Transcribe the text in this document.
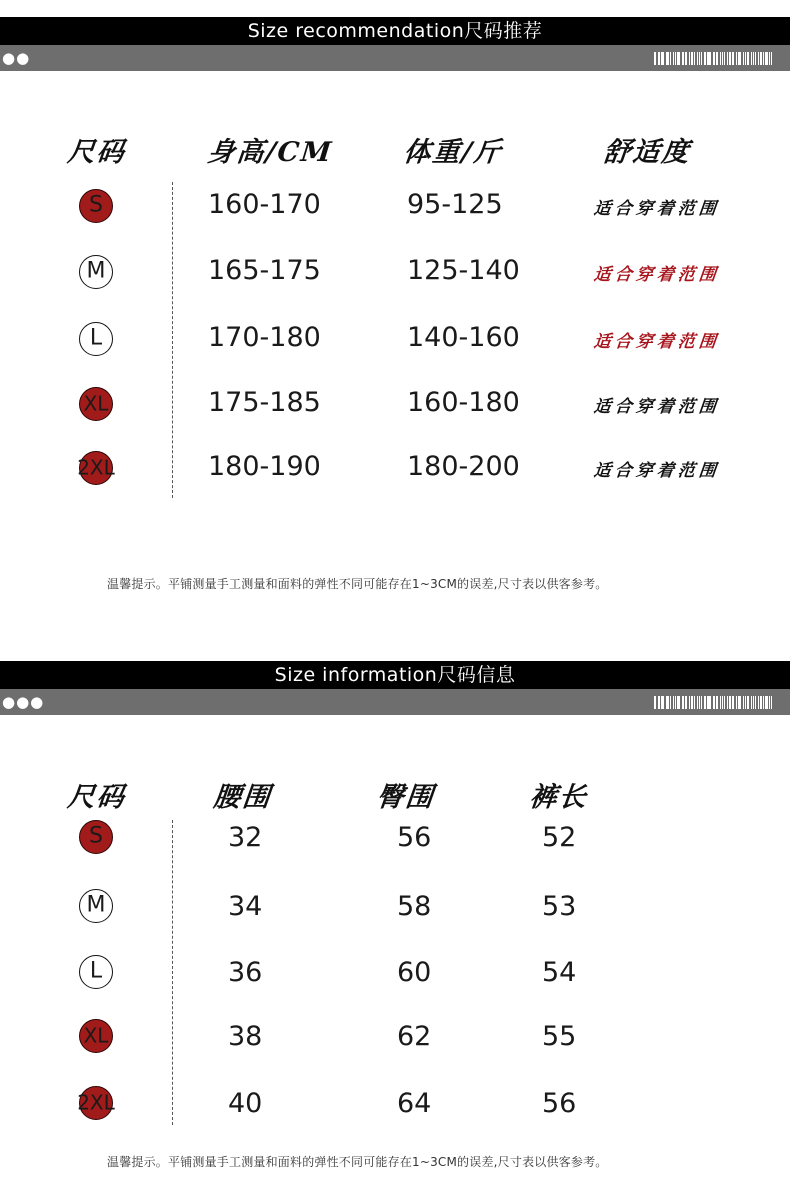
Size recommendation尺码推荐
●●
尺码	身高/CM 体重/斤	舒适度
S	160-170	95-125	适合穿着范围
M	165-175	125-140	适合穿着范围
L	170-180	140-160	适合穿着范围
XL	175-185	160-180	适合穿着范围
2XL	180-190	180-200	适合穿着范围
温馨提示。平铺测量手工测量和面料的弹性不同可能存在1~3CM的误差,尺寸表以供客参考。
Size information尺码信息
●●●
尺码	腰围	臀围	裤长
S	32	56	52
M	34	58	53
L	36	60	54
XL	38	62	55
2XL	40	64	56
温馨提示。平铺测量手工测量和面料的弹性不同可能存在1~3CM的误差,尺寸表以供客参考。
